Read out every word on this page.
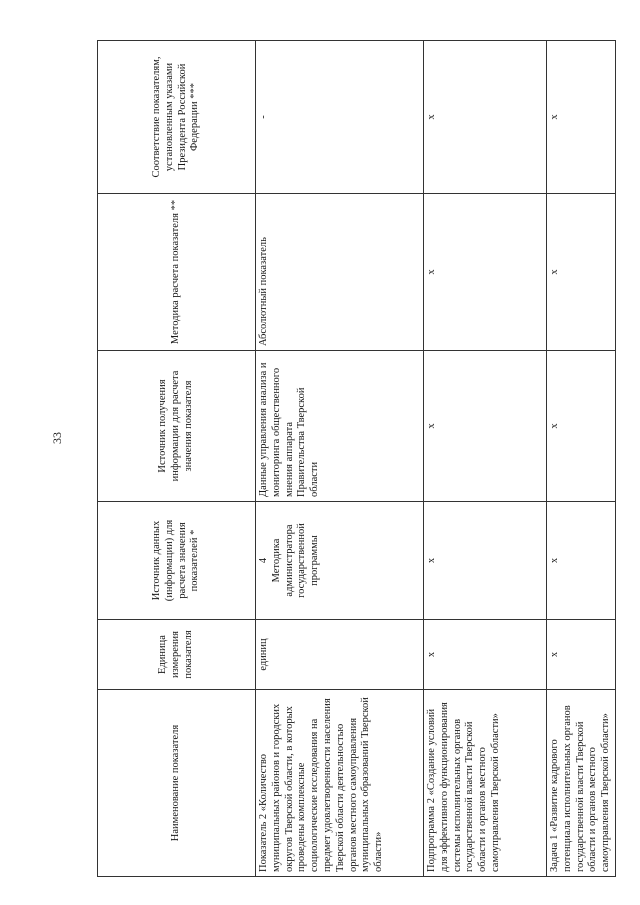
33
Наименование показателя	Единица измерения показателя	Источник данных (информации) для расчета значения показателей *	Источник получения информации для расчета значения показателя	Методика расчета показателя **	Соответствие показателям, установленным указами Президента Российской Федерации ***
Показатель 2 «Количество муниципальных районов и городских округов Тверской области, в которых проведены комплексные социологические исследования на предмет удовлетворенности населения Тверской области деятельностью органов местного самоуправления муниципальных образований Тверской области»	единиц	4 Методика администратора государственной программы	Данные управления анализа и мониторинга общественного мнения аппарата Правительства Тверской области	Абсолютный показатель	-
Подпрограмма 2 «Создание условий для эффективного функционирования системы исполнительных органов государственной власти Тверской области и органов местного самоуправления Тверской области»	х	х	х	х	х
Задача 1 «Развитие кадрового потенциала исполнительных органов государственной власти Тверской области и органов местного самоуправления Тверской области»	х	х	х	х	х
